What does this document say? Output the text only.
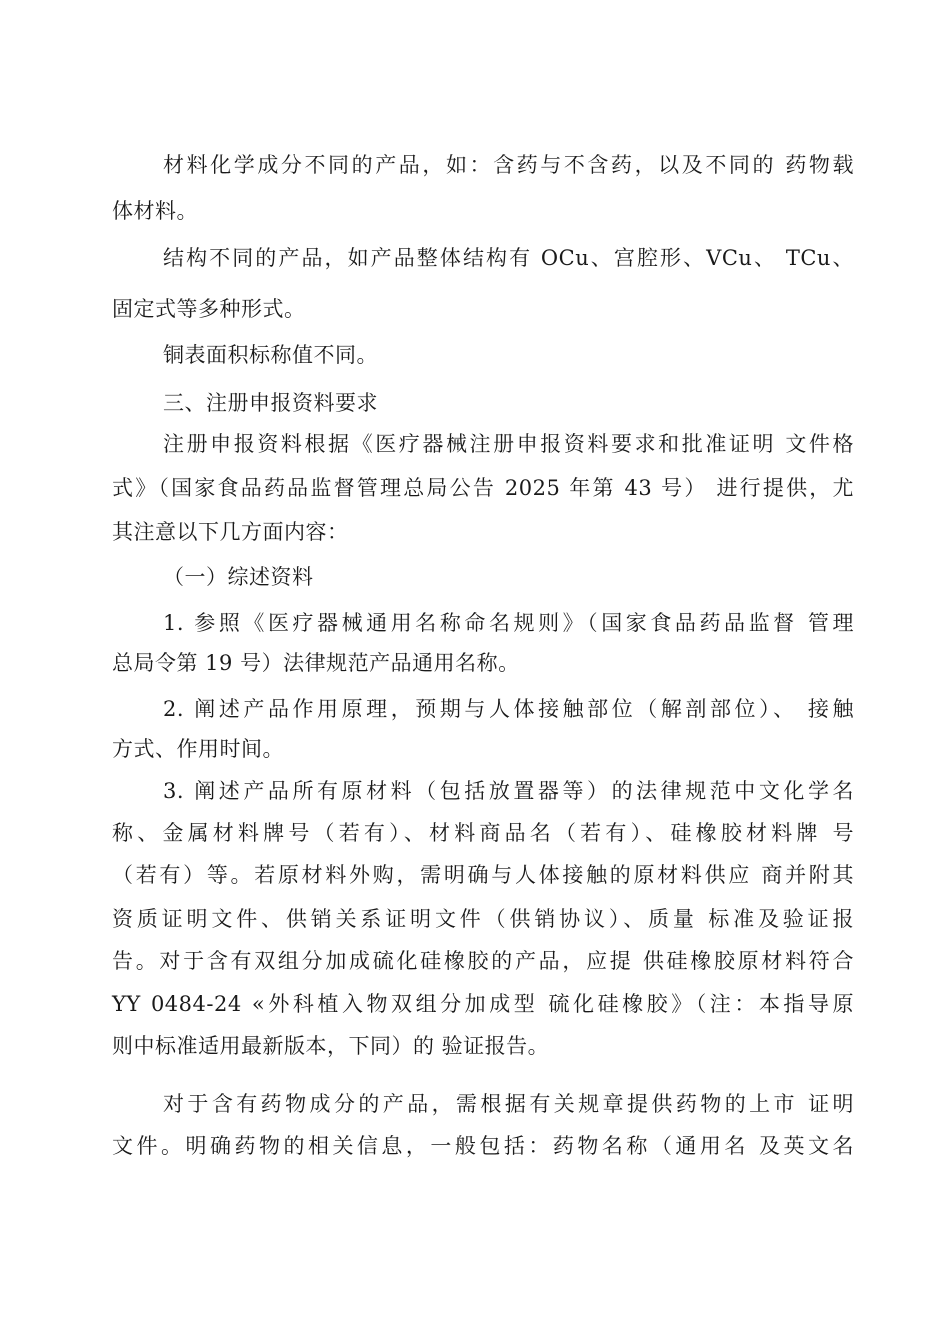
材料化学成分不同的产品，如：含药与不含药，以及不同的 药物载
体材料。
结构不同的产品，如产品整体结构有 OCu、宫腔形、VCu、 TCu、
固定式等多种形式。
铜表面积标称值不同。
三、注册申报资料要求
注册申报资料根据《医疗器械注册申报资料要求和批准证明 文件格
式》（国家食品药品监督管理总局公告 2025 年第 43 号） 进行提供，尤
其注意以下几方面内容：
（一）综述资料
1. 参照《医疗器械通用名称命名规则》（国家食品药品监督 管理
总局令第 19 号）法律规范产品通用名称。
2. 阐述产品作用原理，预期与人体接触部位（解剖部位）、 接触
方式、作用时间。
3. 阐述产品所有原材料（包括放置器等）的法律规范中文化学名
称、金属材料牌号（若有）、材料商品名（若有）、硅橡胶材料牌 号
（若有）等。若原材料外购，需明确与人体接触的原材料供应 商并附其
资质证明文件、供销关系证明文件（供销协议）、质量 标准及验证报
告。对于含有双组分加成硫化硅橡胶的产品，应提 供硅橡胶原材料符合
YY 0484-24 «外科植入物双组分加成型 硫化硅橡胶》（注：本指导原
则中标准适用最新版本，下同）的 验证报告。
对于含有药物成分的产品，需根据有关规章提供药物的上市 证明
文件。明确药物的相关信息，一般包括：药物名称（通用名 及英文名
